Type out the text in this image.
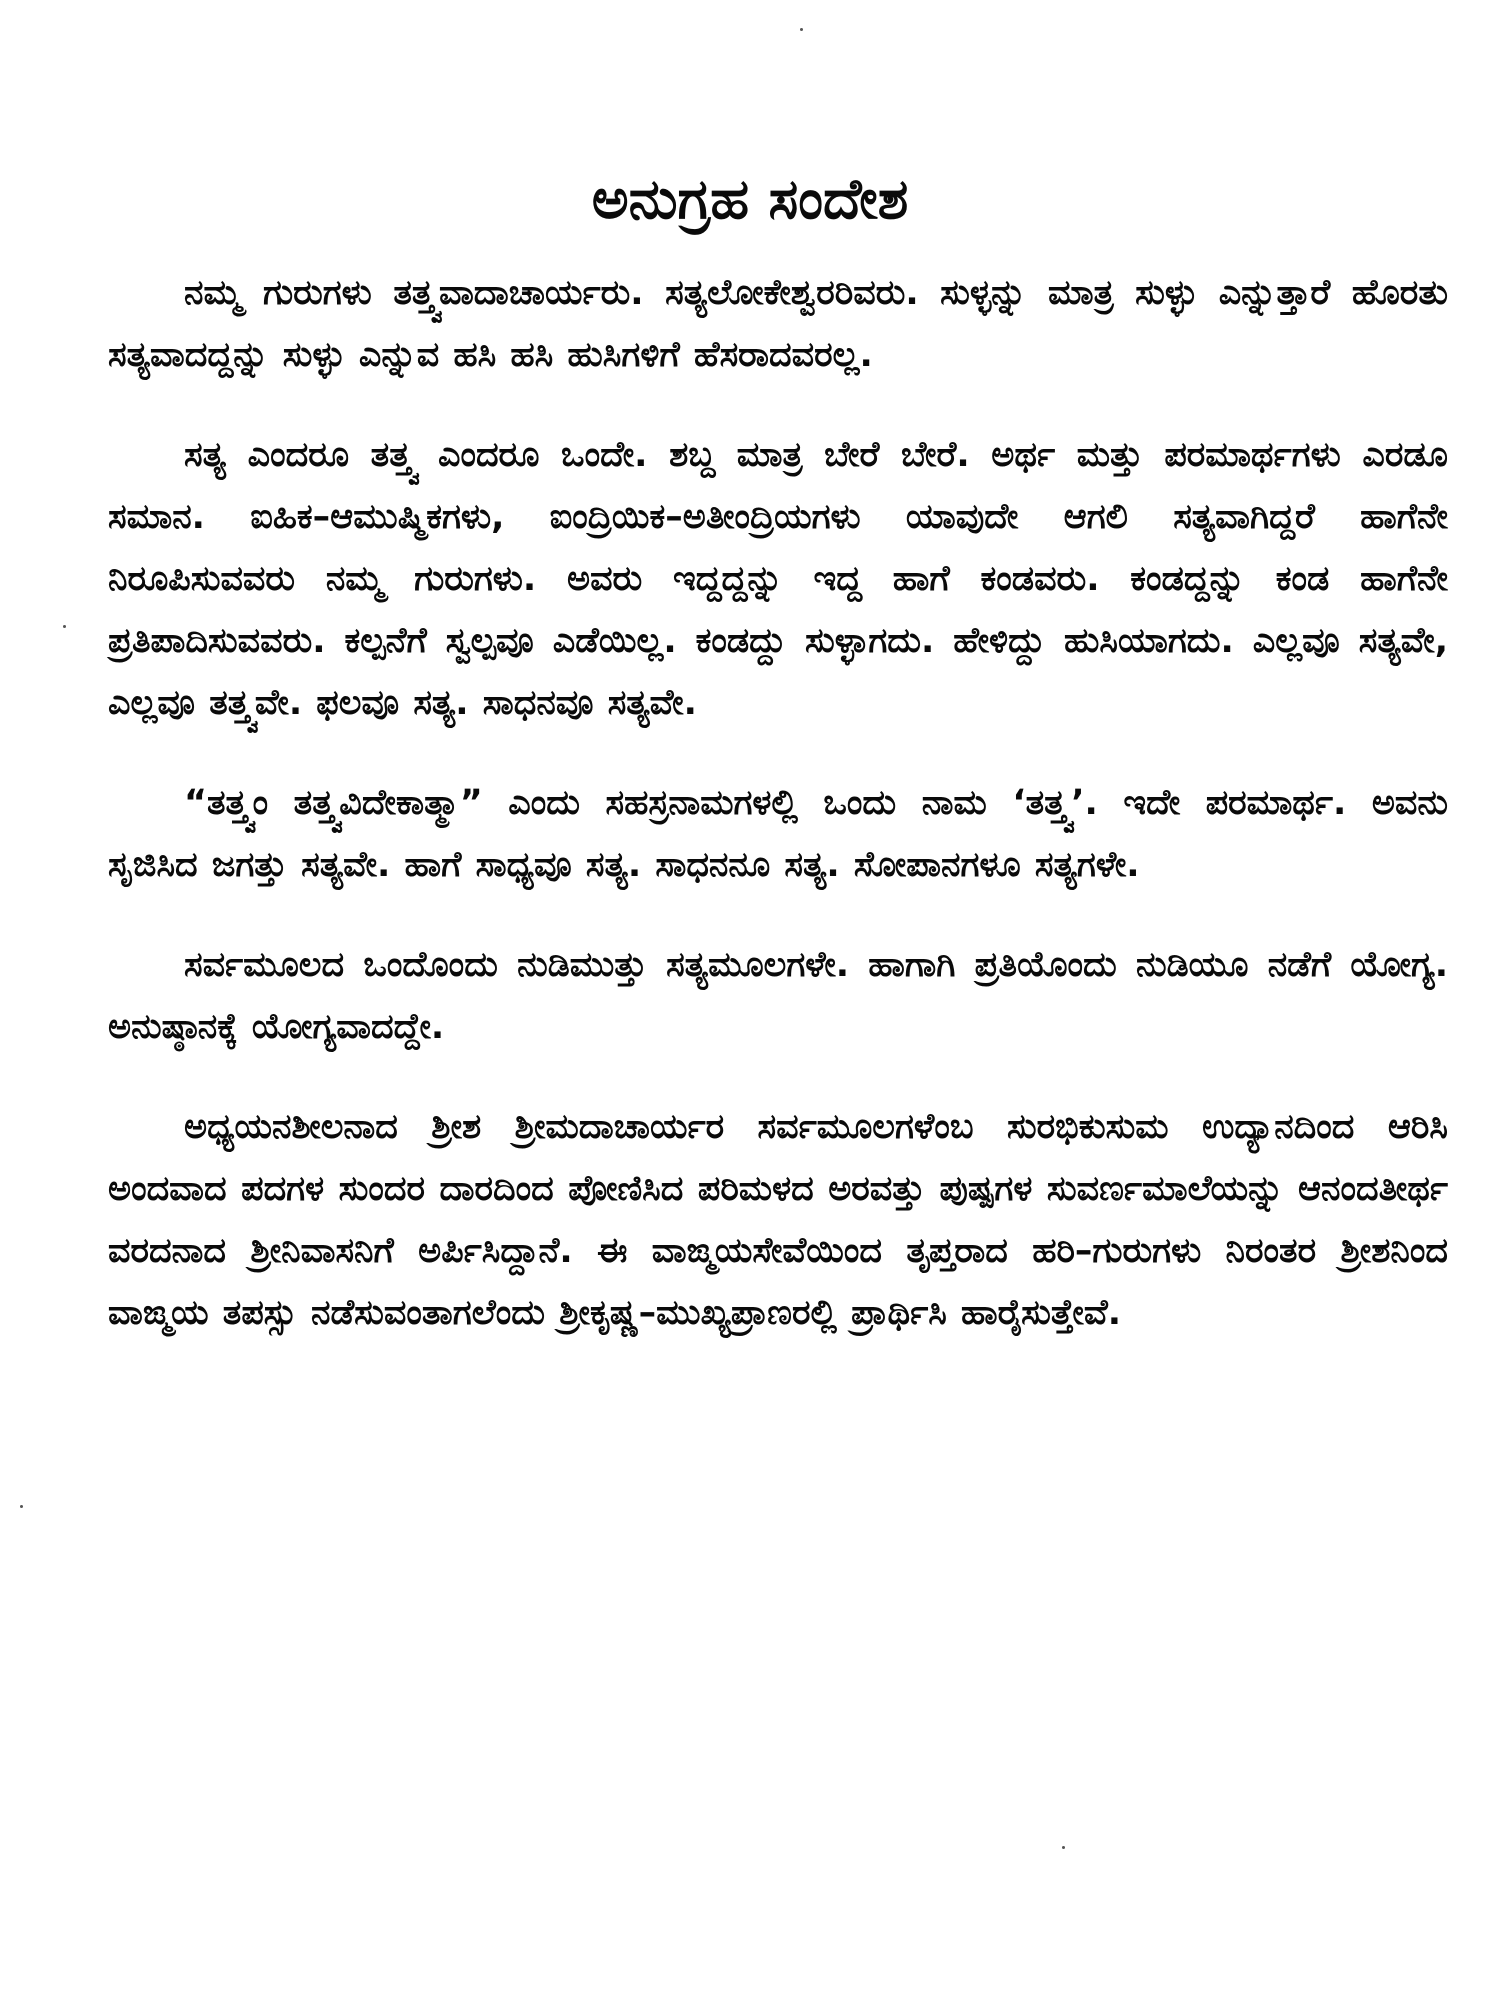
ಅನುಗ್ರಹ ಸಂದೇಶ

ನಮ್ಮ ಗುರುಗಳು ತತ್ತ್ವವಾದಾಚಾರ್ಯರು. ಸತ್ಯಲೋಕೇಶ್ವರರಿವರು. ಸುಳ್ಳನ್ನು ಮಾತ್ರ ಸುಳ್ಳು ಎನ್ನುತ್ತಾರೆ ಹೊರತು ಸತ್ಯವಾದದ್ದನ್ನು ಸುಳ್ಳು ಎನ್ನುವ ಹಸಿ ಹಸಿ ಹುಸಿಗಳಿಗೆ ಹೆಸರಾದವರಲ್ಲ.

ಸತ್ಯ ಎಂದರೂ ತತ್ತ್ವ ಎಂದರೂ ಒಂದೇ. ಶಬ್ದ ಮಾತ್ರ ಬೇರೆ ಬೇರೆ. ಅರ್ಥ ಮತ್ತು ಪರಮಾರ್ಥಗಳು ಎರಡೂ ಸಮಾನ. ಐಹಿಕ–ಆಮುಷ್ಮಿಕಗಳು, ಐಂದ್ರಿಯಿಕ–ಅತೀಂದ್ರಿಯಗಳು ಯಾವುದೇ ಆಗಲಿ ಸತ್ಯವಾಗಿದ್ದರೆ ಹಾಗೆನೇ ನಿರೂಪಿಸುವವರು ನಮ್ಮ ಗುರುಗಳು. ಅವರು ಇದ್ದದ್ದನ್ನು ಇದ್ದ ಹಾಗೆ ಕಂಡವರು. ಕಂಡದ್ದನ್ನು ಕಂಡ ಹಾಗೆನೇ ಪ್ರತಿಪಾದಿಸುವವರು. ಕಲ್ಪನೆಗೆ ಸ್ವಲ್ಪವೂ ಎಡೆಯಿಲ್ಲ. ಕಂಡದ್ದು ಸುಳ್ಳಾಗದು. ಹೇಳಿದ್ದು ಹುಸಿಯಾಗದು. ಎಲ್ಲವೂ ಸತ್ಯವೇ, ಎಲ್ಲವೂ ತತ್ತ್ವವೇ. ಫಲವೂ ಸತ್ಯ. ಸಾಧನವೂ ಸತ್ಯವೇ.

“ತತ್ತ್ವಂ ತತ್ತ್ವವಿದೇಕಾತ್ಮಾ” ಎಂದು ಸಹಸ್ರನಾಮಗಳಲ್ಲಿ ಒಂದು ನಾಮ ‘ತತ್ತ್ವ’. ಇದೇ ಪರಮಾರ್ಥ. ಅವನು ಸೃಜಿಸಿದ ಜಗತ್ತು ಸತ್ಯವೇ. ಹಾಗೆ ಸಾಧ್ಯವೂ ಸತ್ಯ. ಸಾಧನನೂ ಸತ್ಯ. ಸೋಪಾನಗಳೂ ಸತ್ಯಗಳೇ.

ಸರ್ವಮೂಲದ ಒಂದೊಂದು ನುಡಿಮುತ್ತು ಸತ್ಯಮೂಲಗಳೇ. ಹಾಗಾಗಿ ಪ್ರತಿಯೊಂದು ನುಡಿಯೂ ನಡೆಗೆ ಯೋಗ್ಯ. ಅನುಷ್ಠಾನಕ್ಕೆ ಯೋಗ್ಯವಾದದ್ದೇ.

ಅಧ್ಯಯನಶೀಲನಾದ ಶ್ರೀಶ ಶ್ರೀಮದಾಚಾರ್ಯರ ಸರ್ವಮೂಲಗಳೆಂಬ ಸುರಭಿಕುಸುಮ ಉದ್ಯಾನದಿಂದ ಆರಿಸಿ ಅಂದವಾದ ಪದಗಳ ಸುಂದರ ದಾರದಿಂದ ಪೋಣಿಸಿದ ಪರಿಮಳದ ಅರವತ್ತು ಪುಷ್ಪಗಳ ಸುವರ್ಣಮಾಲೆಯನ್ನು ಆನಂದತೀರ್ಥ ವರದನಾದ ಶ್ರೀನಿವಾಸನಿಗೆ ಅರ್ಪಿಸಿದ್ದಾನೆ. ಈ ವಾಙ್ಮಯಸೇವೆಯಿಂದ ತೃಪ್ತರಾದ ಹರಿ–ಗುರುಗಳು ನಿರಂತರ ಶ್ರೀಶನಿಂದ ವಾಙ್ಮಯ ತಪಸ್ಸು ನಡೆಸುವಂತಾಗಲೆಂದು ಶ್ರೀಕೃಷ್ಣ–ಮುಖ್ಯಪ್ರಾಣರಲ್ಲಿ ಪ್ರಾರ್ಥಿಸಿ ಹಾರೈಸುತ್ತೇವೆ.
